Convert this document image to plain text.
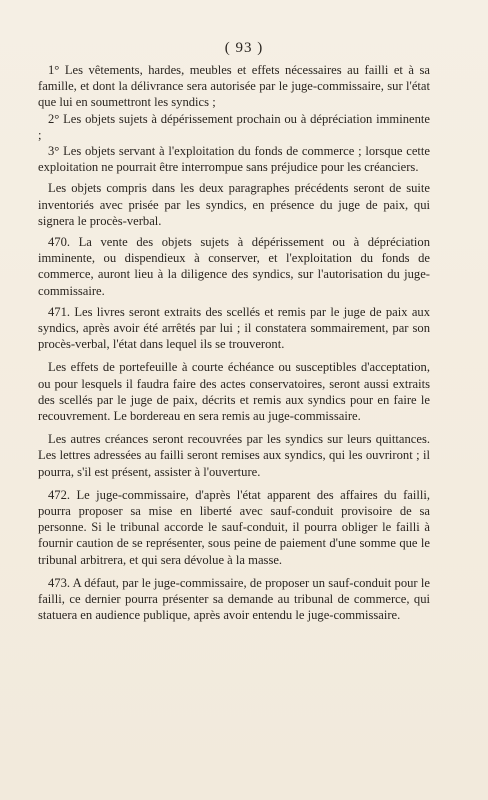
( 93 )

1° Les vêtements, hardes, meubles et effets nécessaires au failli et à sa famille, et dont la délivrance sera autorisée par le juge-commissaire, sur l'état que lui en soumettront les syndics ;

2° Les objets sujets à dépérissement prochain ou à dépréciation imminente ;

3° Les objets servant à l'exploitation du fonds de commerce ; lorsque cette exploitation ne pourrait être interrompue sans préjudice pour les créanciers.

Les objets compris dans les deux paragraphes précédents seront de suite inventoriés avec prisée par les syndics, en présence du juge de paix, qui signera le procès-verbal.

470. La vente des objets sujets à dépérissement ou à dépréciation imminente, ou dispendieux à conserver, et l'exploitation du fonds de commerce, auront lieu à la diligence des syndics, sur l'autorisation du juge-commissaire.

471. Les livres seront extraits des scellés et remis par le juge de paix aux syndics, après avoir été arrêtés par lui ; il constatera sommairement, par son procès-verbal, l'état dans lequel ils se trouveront.

Les effets de portefeuille à courte échéance ou susceptibles d'acceptation, ou pour lesquels il faudra faire des actes conservatoires, seront aussi extraits des scellés par le juge de paix, décrits et remis aux syndics pour en faire le recouvrement. Le bordereau en sera remis au juge-commissaire.

Les autres créances seront recouvrées par les syndics sur leurs quittances. Les lettres adressées au failli seront remises aux syndics, qui les ouvriront ; il pourra, s'il est présent, assister à l'ouverture.

472. Le juge-commissaire, d'après l'état apparent des affaires du failli, pourra proposer sa mise en liberté avec sauf-conduit provisoire de sa personne. Si le tribunal accorde le sauf-conduit, il pourra obliger le failli à fournir caution de se représenter, sous peine de paiement d'une somme que le tribunal arbitrera, et qui sera dévolue à la masse.

473. A défaut, par le juge-commissaire, de proposer un sauf-conduit pour le failli, ce dernier pourra présenter sa demande au tribunal de commerce, qui statuera en audience publique, après avoir entendu le juge-commissaire.
